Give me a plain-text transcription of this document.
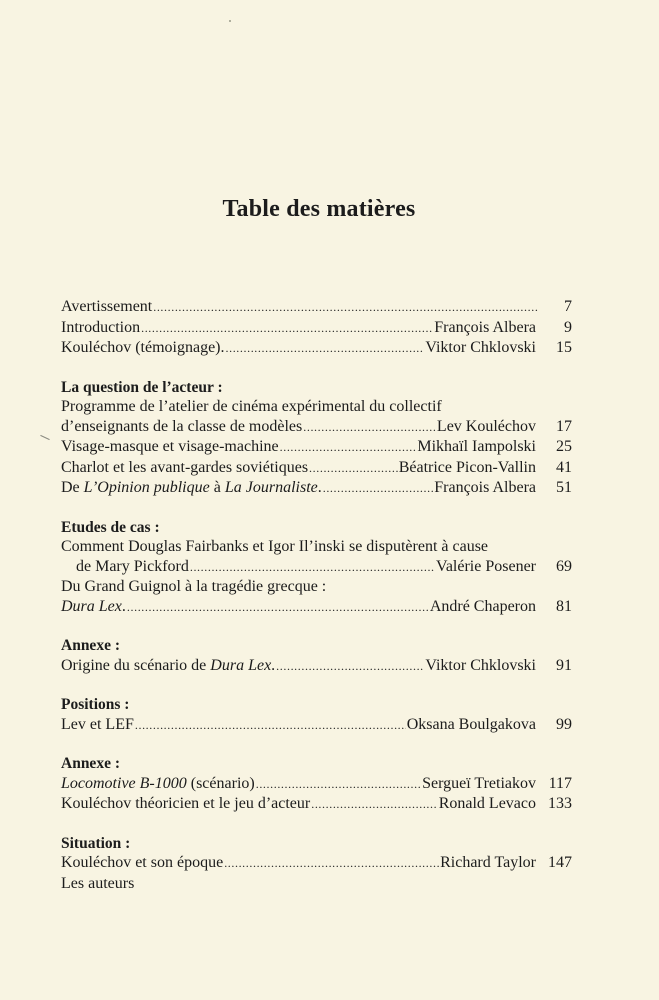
Table des matières
Avertissement .....	7
Introduction .....	François Albera	9
Kouléchov (témoignage). .....	Viktor Chklovski	15
La question de l’acteur :
Programme de l’atelier de cinéma expérimental du collectif
d’enseignants de la classe de modèles .....	Lev Kouléchov	17
Visage-masque et visage-machine .....	Mikhaïl Iampolski	25
Charlot et les avant-gardes soviétiques .....	Béatrice Picon-Vallin	41
De L’Opinion publique à La Journaliste. .....	François Albera	51
Etudes de cas :
Comment Douglas Fairbanks et Igor Il’inski se disputèrent à cause
de Mary Pickford .....	Valérie Posener	69
Du Grand Guignol à la tragédie grecque :
Dura Lex. .....	André Chaperon	81
Annexe :
Origine du scénario de Dura Lex. .....	Viktor Chklovski	91
Positions :
Lev et LEF .....	Oksana Boulgakova	99
Annexe :
Locomotive B-1000 (scénario) .....	Sergueï Tretiakov 117
Kouléchov théoricien et le jeu d’acteur .....	Ronald Levaco 133
Situation :
Kouléchov et son époque .....	Richard Taylor 147
Les auteurs
